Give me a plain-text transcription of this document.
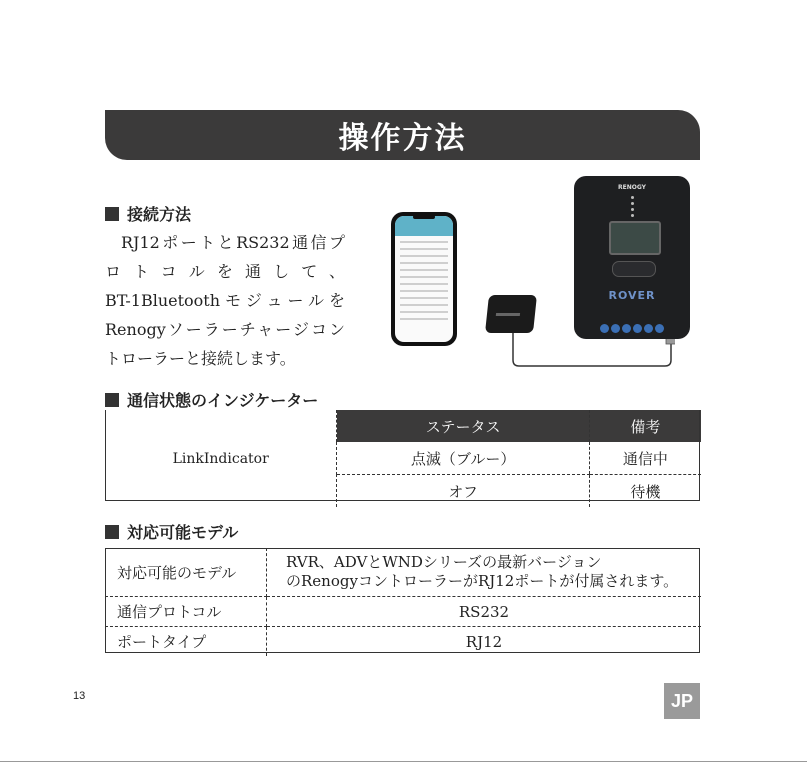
操作方法
接続方法
RJ12ポートとRS232通信プ
ロトコルを通して、
BT-1Bluetoothモジュールを
Renogyソーラーチャージコン
トローラーと接続します。
RENOGY
ROVER
通信状態のインジケーター
LinkIndicator	ステータス	備考
	点滅（ブルー）	通信中
	オフ	待機
対応可能モデル
対応可能のモデル	RVR、ADVとWNDシリーズの最新バージョン
のRenogyコントローラーがRJ12ポートが付属されます。

通信プロトコル	RS232
ポートタイプ	RJ12
13	JP
